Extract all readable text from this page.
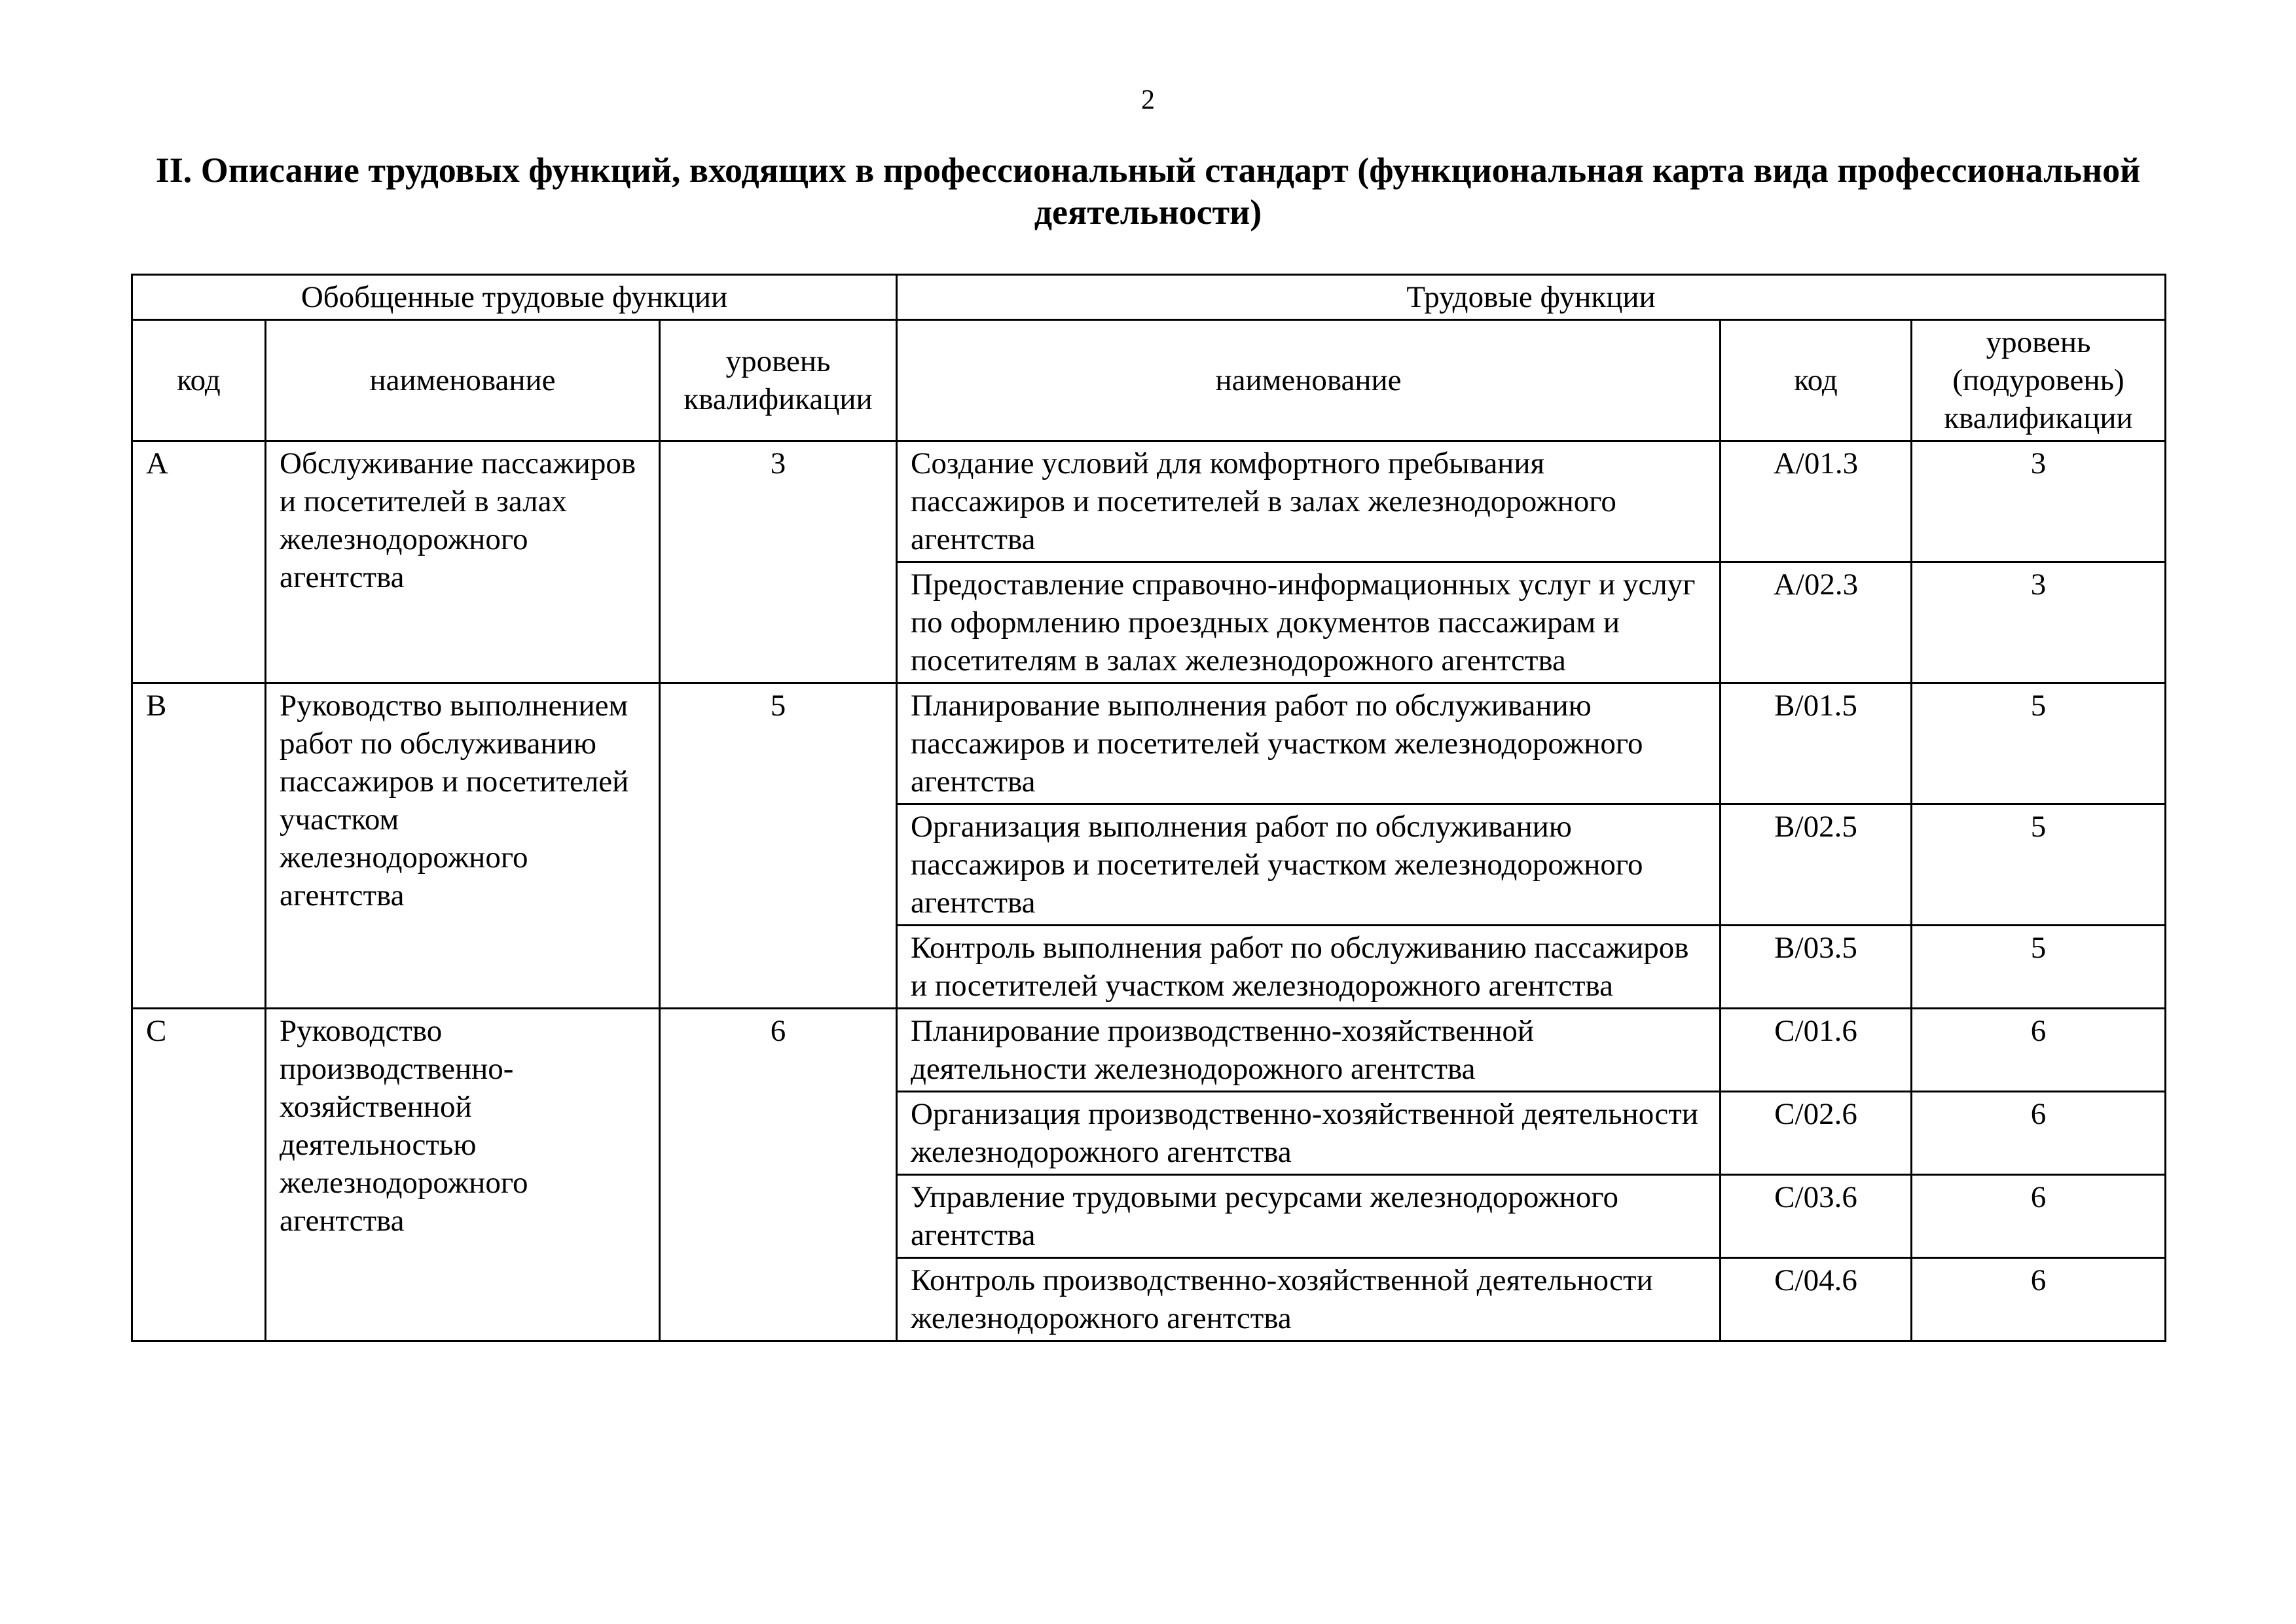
2
II. Описание трудовых функций, входящих в профессиональный стандарт (функциональная карта вида профессиональной деятельности)
Обобщенные трудовые функции			Трудовые функции		
код	наименование	уровень квалификации	наименование	код	уровень (подуровень) квалификации
A	Обслуживание пассажиров и посетителей в залах железнодорожного агентства	3	Создание условий для комфортного пребывания пассажиров и посетителей в залах железнодорожного агентства	A/01.3	3
			Предоставление справочно-информационных услуг и услуг по оформлению проездных документов пассажирам и посетителям в залах железнодорожного агентства	A/02.3	3
B	Руководство выполнением работ по обслуживанию пассажиров и посетителей участком железнодорожного агентства	5	Планирование выполнения работ по обслуживанию пассажиров и посетителей участком железнодорожного агентства	B/01.5	5
			Организация выполнения работ по обслуживанию пассажиров и посетителей участком железнодорожного агентства	B/02.5	5
			Контроль выполнения работ по обслуживанию пассажиров и посетителей участком железнодорожного агентства	B/03.5	5
C	Руководство производственно-хозяйственной деятельностью железнодорожного агентства	6	Планирование производственно-хозяйственной деятельности железнодорожного агентства	C/01.6	6
			Организация производственно-хозяйственной деятельности железнодорожного агентства	C/02.6	6
			Управление трудовыми ресурсами железнодорожного агентства	C/03.6	6
			Контроль производственно-хозяйственной деятельности железнодорожного агентства	C/04.6	6
